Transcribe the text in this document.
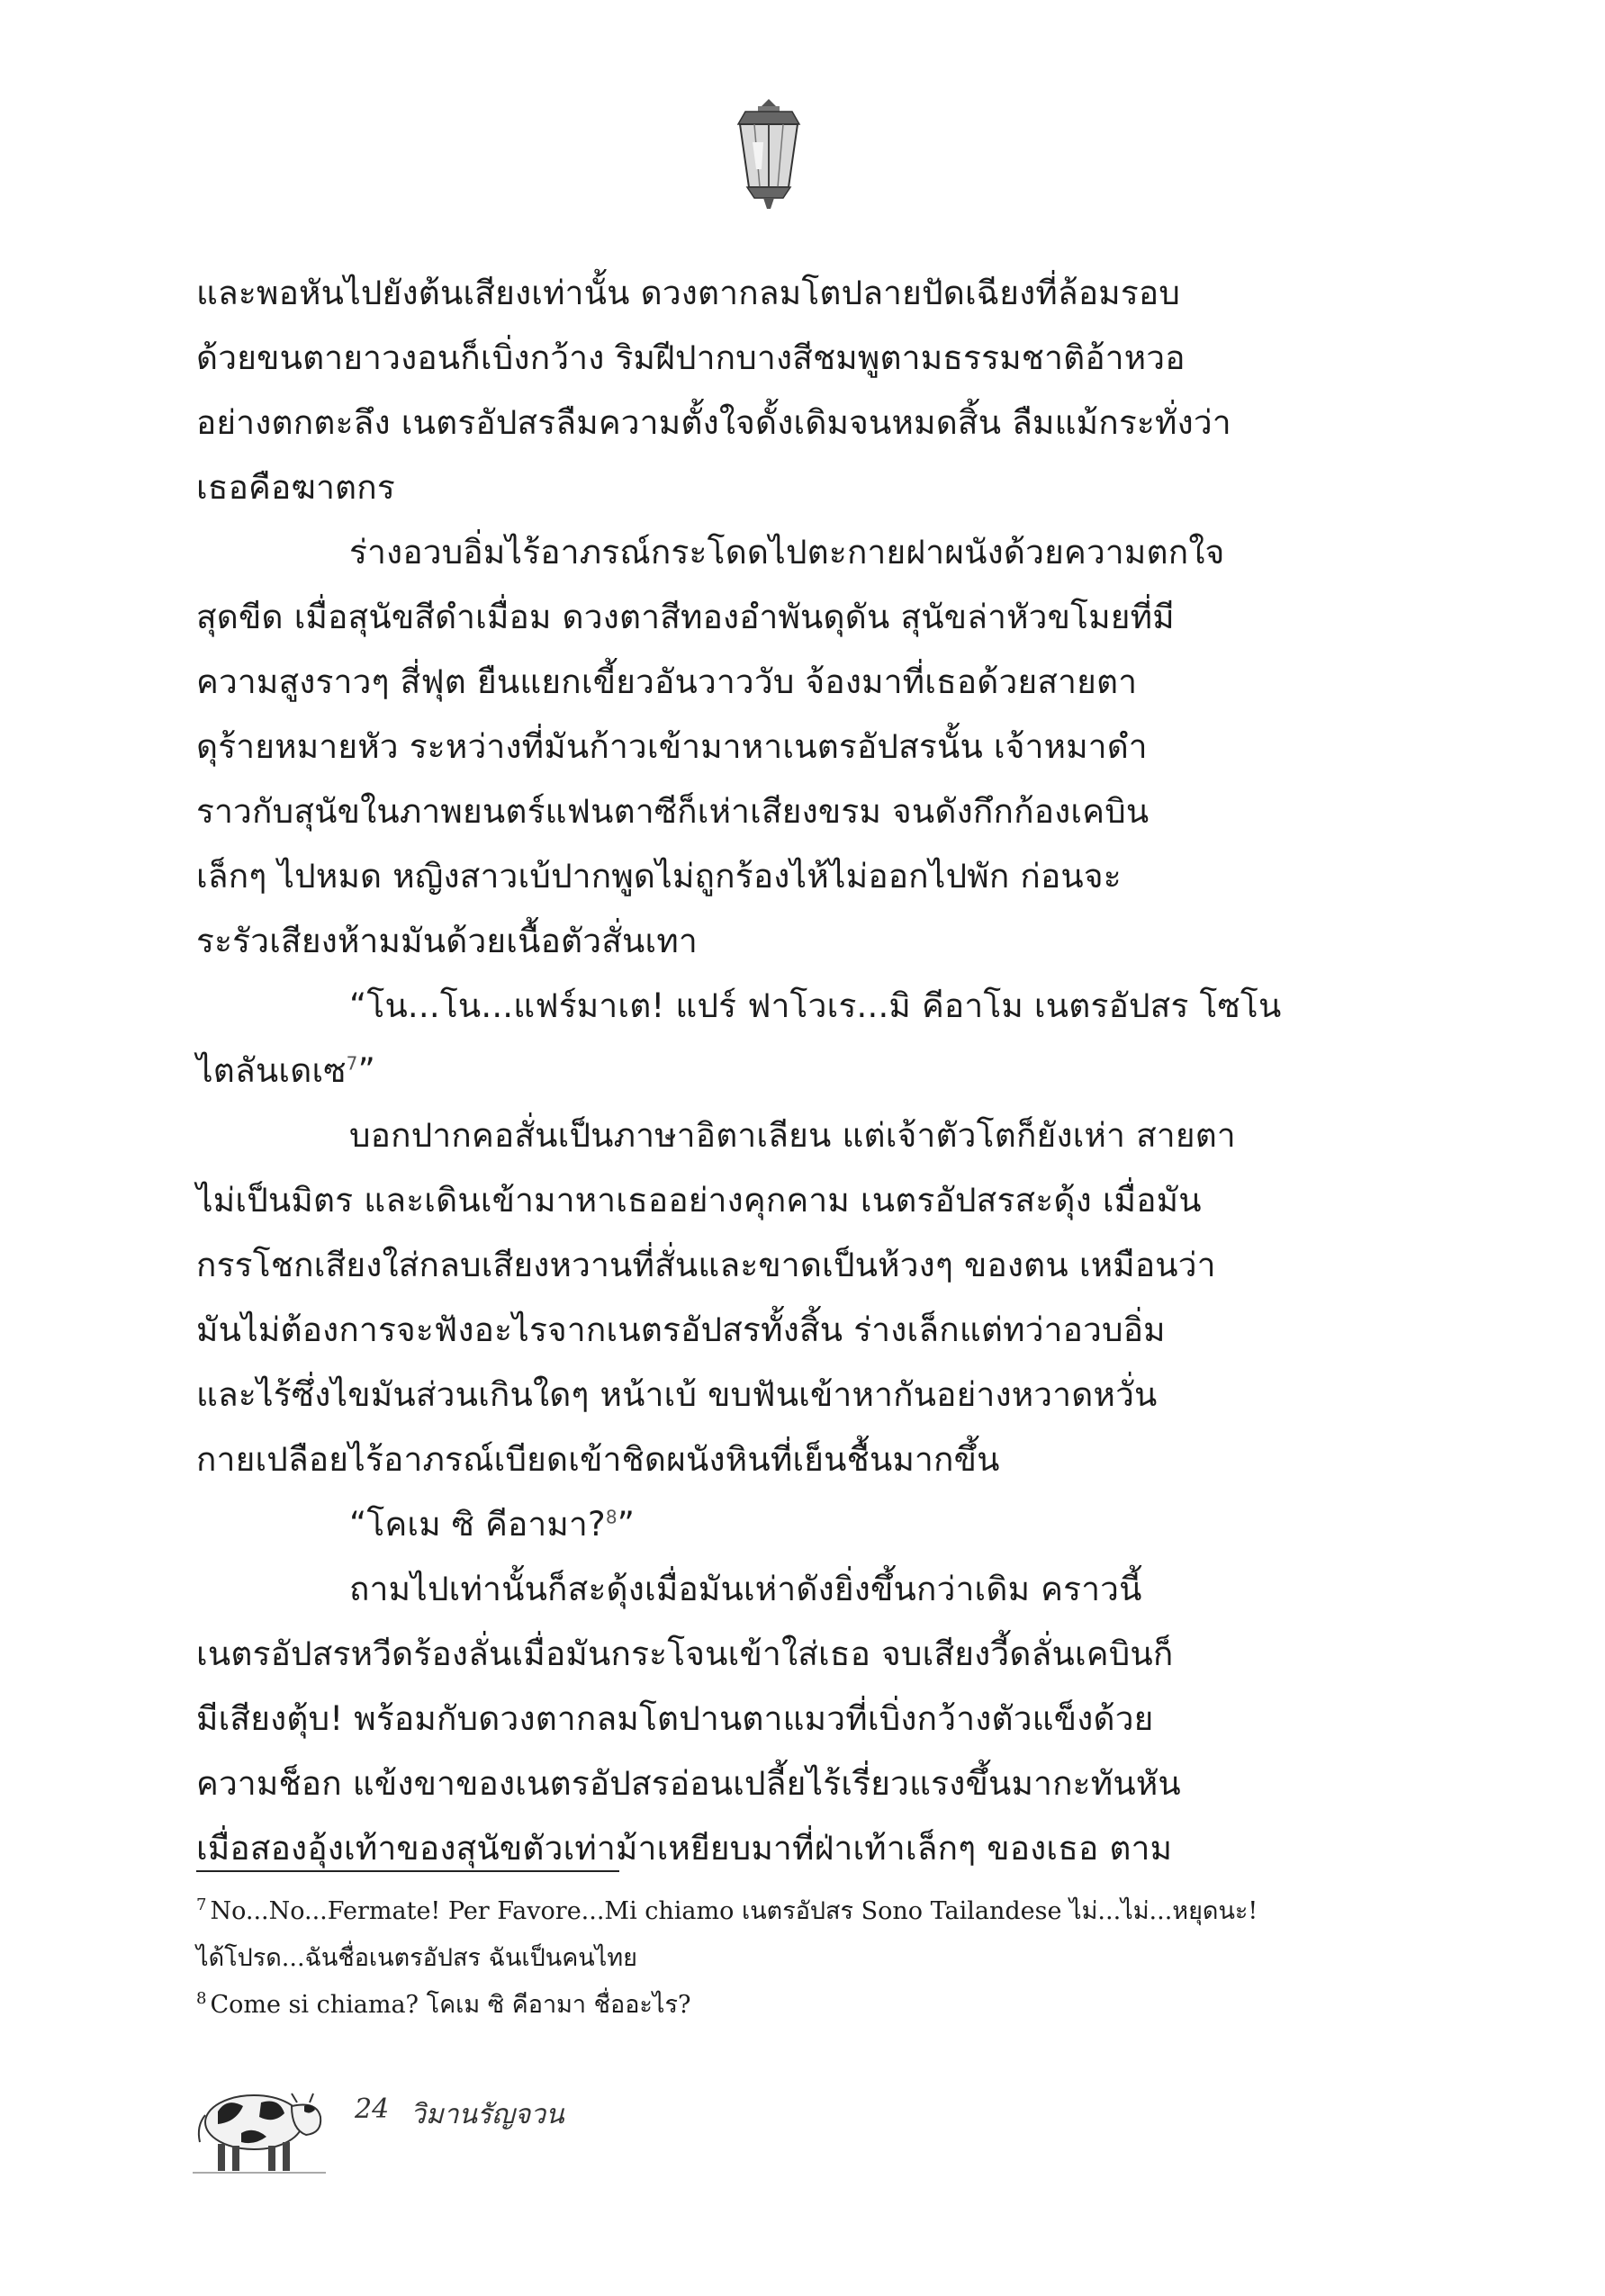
และพอหันไปยังต้นเสียงเท่านั้น ดวงตากลมโตปลายปัดเฉียงที่ล้อมรอบ
ด้วยขนตายาวงอนก็เบิ่งกว้าง ริมฝีปากบางสีชมพูตามธรรมชาติอ้าหวอ
อย่างตกตะลึง เนตรอัปสรลืมความตั้งใจดั้งเดิมจนหมดสิ้น ลืมแม้กระทั่งว่า
เธอคือฆาตกร

ร่างอวบอิ่มไร้อาภรณ์กระโดดไปตะกายฝาผนังด้วยความตกใจ
สุดขีด เมื่อสุนัขสีดำเมื่อม ดวงตาสีทองอำพันดุดัน สุนัขล่าหัวขโมยที่มี
ความสูงราวๆ สี่ฟุต ยืนแยกเขี้ยวอันวาววับ จ้องมาที่เธอด้วยสายตา
ดุร้ายหมายหัว ระหว่างที่มันก้าวเข้ามาหาเนตรอัปสรนั้น เจ้าหมาดำ
ราวกับสุนัขในภาพยนตร์แฟนตาซีก็เห่าเสียงขรม จนดังกึกก้องเคบิน
เล็กๆ ไปหมด หญิงสาวเบ้ปากพูดไม่ถูกร้องไห้ไม่ออกไปพัก ก่อนจะ
ระรัวเสียงห้ามมันด้วยเนื้อตัวสั่นเทา

“โน...โน...แฟร์มาเต! แปร์ ฟาโวเร...มิ คีอาโม เนตรอัปสร โซโน
ไตลันเดเซ$^7$”

บอกปากคอสั่นเป็นภาษาอิตาเลียน แต่เจ้าตัวโตก็ยังเห่า สายตา
ไม่เป็นมิตร และเดินเข้ามาหาเธออย่างคุกคาม เนตรอัปสรสะดุ้ง เมื่อมัน
กรรโชกเสียงใส่กลบเสียงหวานที่สั่นและขาดเป็นห้วงๆ ของตน เหมือนว่า
มันไม่ต้องการจะฟังอะไรจากเนตรอัปสรทั้งสิ้น ร่างเล็กแต่ทว่าอวบอิ่ม
และไร้ซึ่งไขมันส่วนเกินใดๆ หน้าเบ้ ขบฟันเข้าหากันอย่างหวาดหวั่น
กายเปลือยไร้อาภรณ์เบียดเข้าชิดผนังหินที่เย็นชื้นมากขึ้น

“โคเม ซิ คีอามา?$^8$”

ถามไปเท่านั้นก็สะดุ้งเมื่อมันเห่าดังยิ่งขึ้นกว่าเดิม คราวนี้
เนตรอัปสรหวีดร้องลั่นเมื่อมันกระโจนเข้าใส่เธอ จบเสียงวี้ดลั่นเคบินก็
มีเสียงตุ้บ! พร้อมกับดวงตากลมโตปานตาแมวที่เบิ่งกว้างตัวแข็งด้วย
ความช็อก แข้งขาของเนตรอัปสรอ่อนเปลี้ยไร้เรี่ยวแรงขึ้นมากะทันหัน
เมื่อสองอุ้งเท้าของสุนัขตัวเท่าม้าเหยียบมาที่ฝ่าเท้าเล็กๆ ของเธอ ตาม

$^7$ No...No...Fermate! Per Favore...Mi chiamo เนตรอัปสร Sono Tailandese ไม่...ไม่...หยุดนะ!

ได้โปรด...ฉันชื่อเนตรอัปสร ฉันเป็นคนไทย

$^8$ Come si chiama? โคเม ซิ คีอามา ชื่ออะไร?

24 วิมานรัญจวน
